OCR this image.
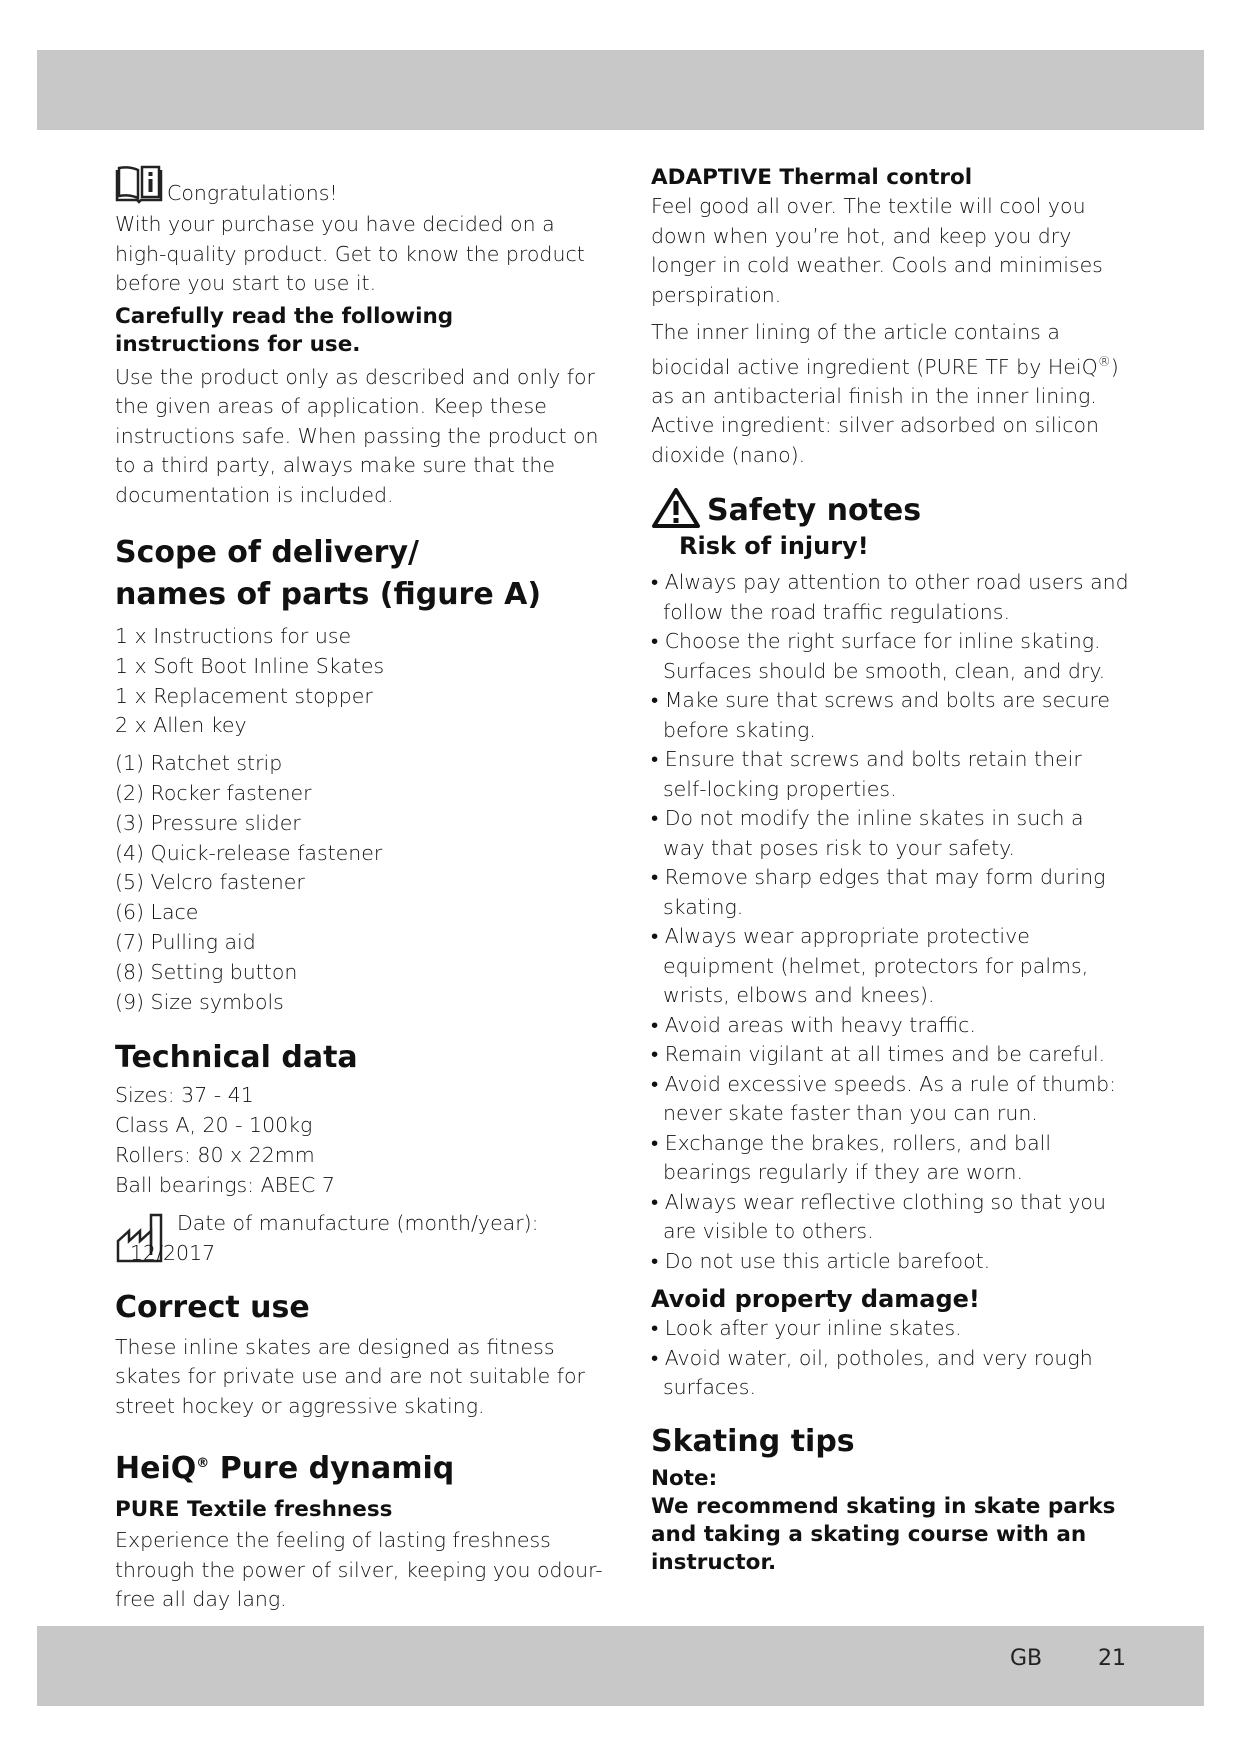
Congratulations!

With your purchase you have decided on a high-quality product. Get to know the product before you start to use it.

Carefully read the following instructions for use.

Use the product only as described and only for the given areas of application. Keep these instructions safe. When passing the product on to a third party, always make sure that the documentation is included.

Scope of delivery/
names of parts (figure A)
1 x Instructions for use
1 x Soft Boot Inline Skates
1 x Replacement stopper
2 x Allen key
(1) Ratchet strip
(2) Rocker fastener
(3) Pressure slider
(4) Quick-release fastener
(5) Velcro fastener
(6) Lace
(7) Pulling aid
(8) Setting button
(9) Size symbols
Technical data
Sizes: 37 - 41
Class A, 20 - 100kg
Rollers: 80 x 22mm
Ball bearings: ABEC 7
Date of manufacture (month/year):
12/2017
Correct use

These inline skates are designed as fitness skates for private use and are not suitable for street hockey or aggressive skating.

HeiQ® Pure dynamiq

PURE Textile freshness

Experience the feeling of lasting freshness through the power of silver, keeping you odour-free all day lang.

ADAPTIVE Thermal control

Feel good all over. The textile will cool you down when you’re hot, and keep you dry longer in cold weather. Cools and minimises perspiration.

The inner lining of the article contains a biocidal active ingredient (PURE TF by HeiQ®) as an antibacterial finish in the inner lining.

Active ingredient: silver adsorbed on silicon dioxide (nano).

Safety notes

Risk of injury!

• Always pay attention to other road users and follow the road traffic regulations.
• Choose the right surface for inline skating. Surfaces should be smooth, clean, and dry.
• Make sure that screws and bolts are secure before skating.
• Ensure that screws and bolts retain their self-locking properties.
• Do not modify the inline skates in such a way that poses risk to your safety.
• Remove sharp edges that may form during skating.
• Always wear appropriate protective equipment (helmet, protectors for palms, wrists, elbows and knees).
• Avoid areas with heavy traffic.
• Remain vigilant at all times and be careful.
• Avoid excessive speeds. As a rule of thumb: never skate faster than you can run.
• Exchange the brakes, rollers, and ball bearings regularly if they are worn.
• Always wear reflective clothing so that you are visible to others.
• Do not use this article barefoot.
Avoid property damage!
• Look after your inline skates.
• Avoid water, oil, potholes, and very rough surfaces.
Skating tips

Note:

We recommend skating in skate parks and taking a skating course with an instructor.

GB	21
